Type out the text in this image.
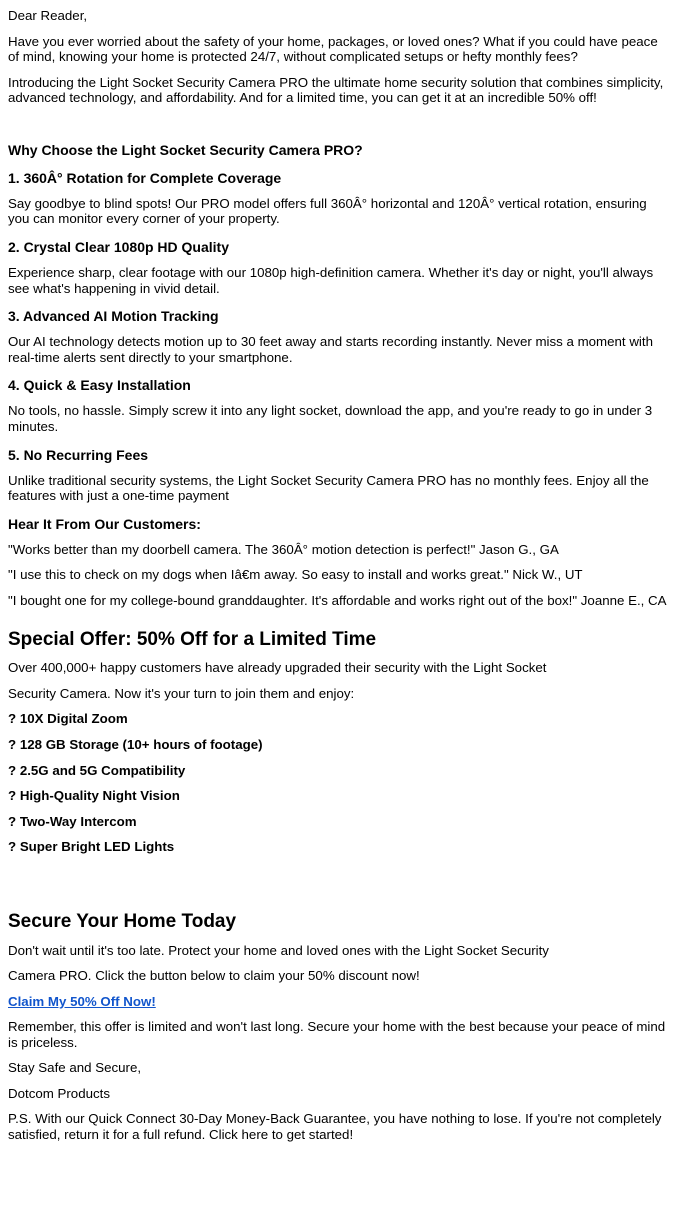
Dear Reader,

Have you ever worried about the safety of your home, packages, or loved ones? What if you could have peace of mind, knowing your home is protected 24/7, without complicated setups or hefty monthly fees?

Introducing the Light Socket Security Camera PRO the ultimate home security solution that combines simplicity, advanced technology, and affordability. And for a limited time, you can get it at an incredible 50% off!

Why Choose the Light Socket Security Camera PRO?
1. 360Â° Rotation for Complete Coverage

Say goodbye to blind spots! Our PRO model offers full 360Â° horizontal and 120Â° vertical rotation, ensuring you can monitor every corner of your property.

2. Crystal Clear 1080p HD Quality

Experience sharp, clear footage with our 1080p high-definition camera. Whether it's day or night, you'll always see what's happening in vivid detail.

3. Advanced AI Motion Tracking

Our AI technology detects motion up to 30 feet away and starts recording instantly. Never miss a moment with real-time alerts sent directly to your smartphone.

4. Quick & Easy Installation

No tools, no hassle. Simply screw it into any light socket, download the app, and you're ready to go in under 3 minutes.

5. No Recurring Fees

Unlike traditional security systems, the Light Socket Security Camera PRO has no monthly fees. Enjoy all the features with just a one-time payment

Hear It From Our Customers:

"Works better than my doorbell camera. The 360Â° motion detection is perfect!" Jason G., GA

"I use this to check on my dogs when Iâ€m away. So easy to install and works great." Nick W., UT

"I bought one for my college-bound granddaughter. It's affordable and works right out of the box!" Joanne E., CA

Special Offer: 50% Off for a Limited Time

Over 400,000+ happy customers have already upgraded their security with the Light Socket

Security Camera. Now it's your turn to join them and enjoy:

? 10X Digital Zoom

? 128 GB Storage (10+ hours of footage)

? 2.5G and 5G Compatibility

? High-Quality Night Vision

? Two-Way Intercom

? Super Bright LED Lights

Secure Your Home Today

Don't wait until it's too late. Protect your home and loved ones with the Light Socket Security

Camera PRO. Click the button below to claim your 50% discount now!

Claim My 50% Off Now!

Remember, this offer is limited and won't last long. Secure your home with the best because your peace of mind is priceless.

Stay Safe and Secure,

Dotcom Products

P.S. With our Quick Connect 30-Day Money-Back Guarantee, you have nothing to lose. If you're not completely satisfied, return it for a full refund. Click here to get started!
